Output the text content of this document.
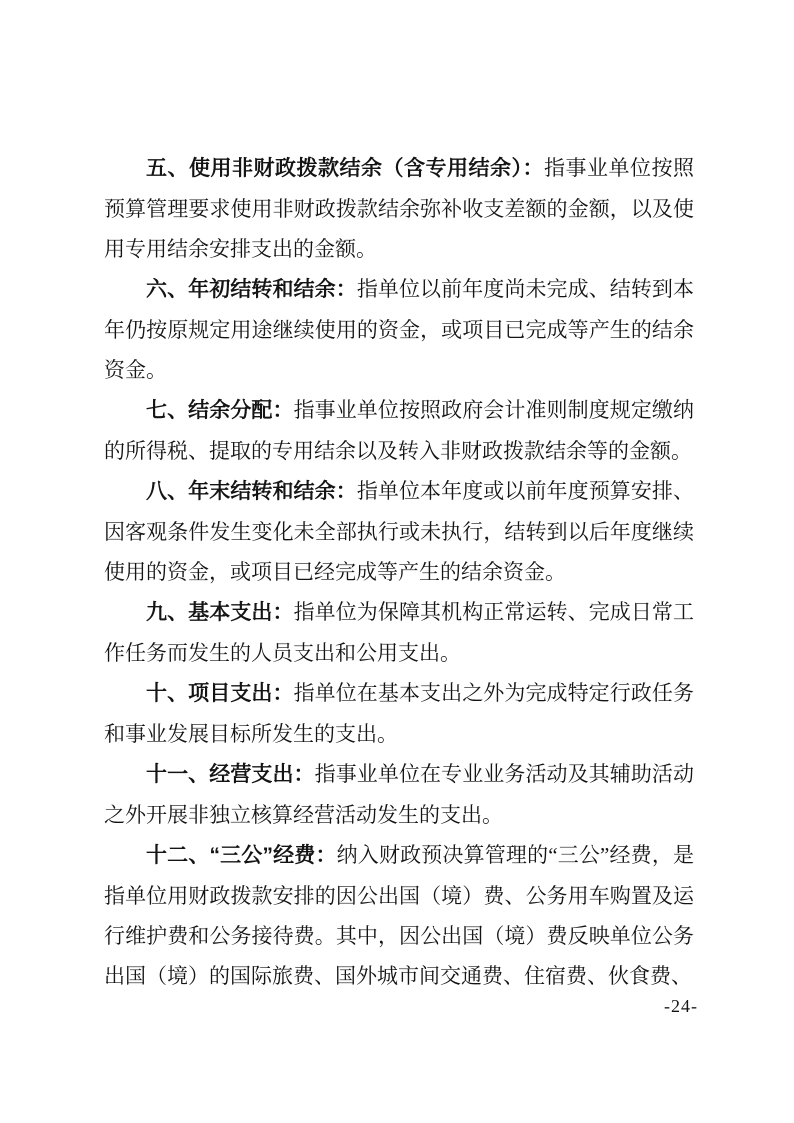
五、使用非财政拨款结余（含专用结余）：指事业单位按照预算管理要求使用非财政拨款结余弥补收支差额的金额，以及使用专用结余安排支出的金额。

六、年初结转和结余：指单位以前年度尚未完成、结转到本年仍按原规定用途继续使用的资金，或项目已完成等产生的结余资金。

七、结余分配：指事业单位按照政府会计准则制度规定缴纳的所得税、提取的专用结余以及转入非财政拨款结余等的金额。

八、年末结转和结余：指单位本年度或以前年度预算安排、因客观条件发生变化未全部执行或未执行，结转到以后年度继续使用的资金，或项目已经完成等产生的结余资金。

九、基本支出：指单位为保障其机构正常运转、完成日常工作任务而发生的人员支出和公用支出。

十、项目支出：指单位在基本支出之外为完成特定行政任务和事业发展目标所发生的支出。

十一、经营支出：指事业单位在专业业务活动及其辅助活动之外开展非独立核算经营活动发生的支出。

十二、“三公”经费：纳入财政预决算管理的“三公”经费，是指单位用财政拨款安排的因公出国（境）费、公务用车购置及运行维护费和公务接待费。其中，因公出国（境）费反映单位公务出国（境）的国际旅费、国外城市间交通费、住宿费、伙食费、

-24-
